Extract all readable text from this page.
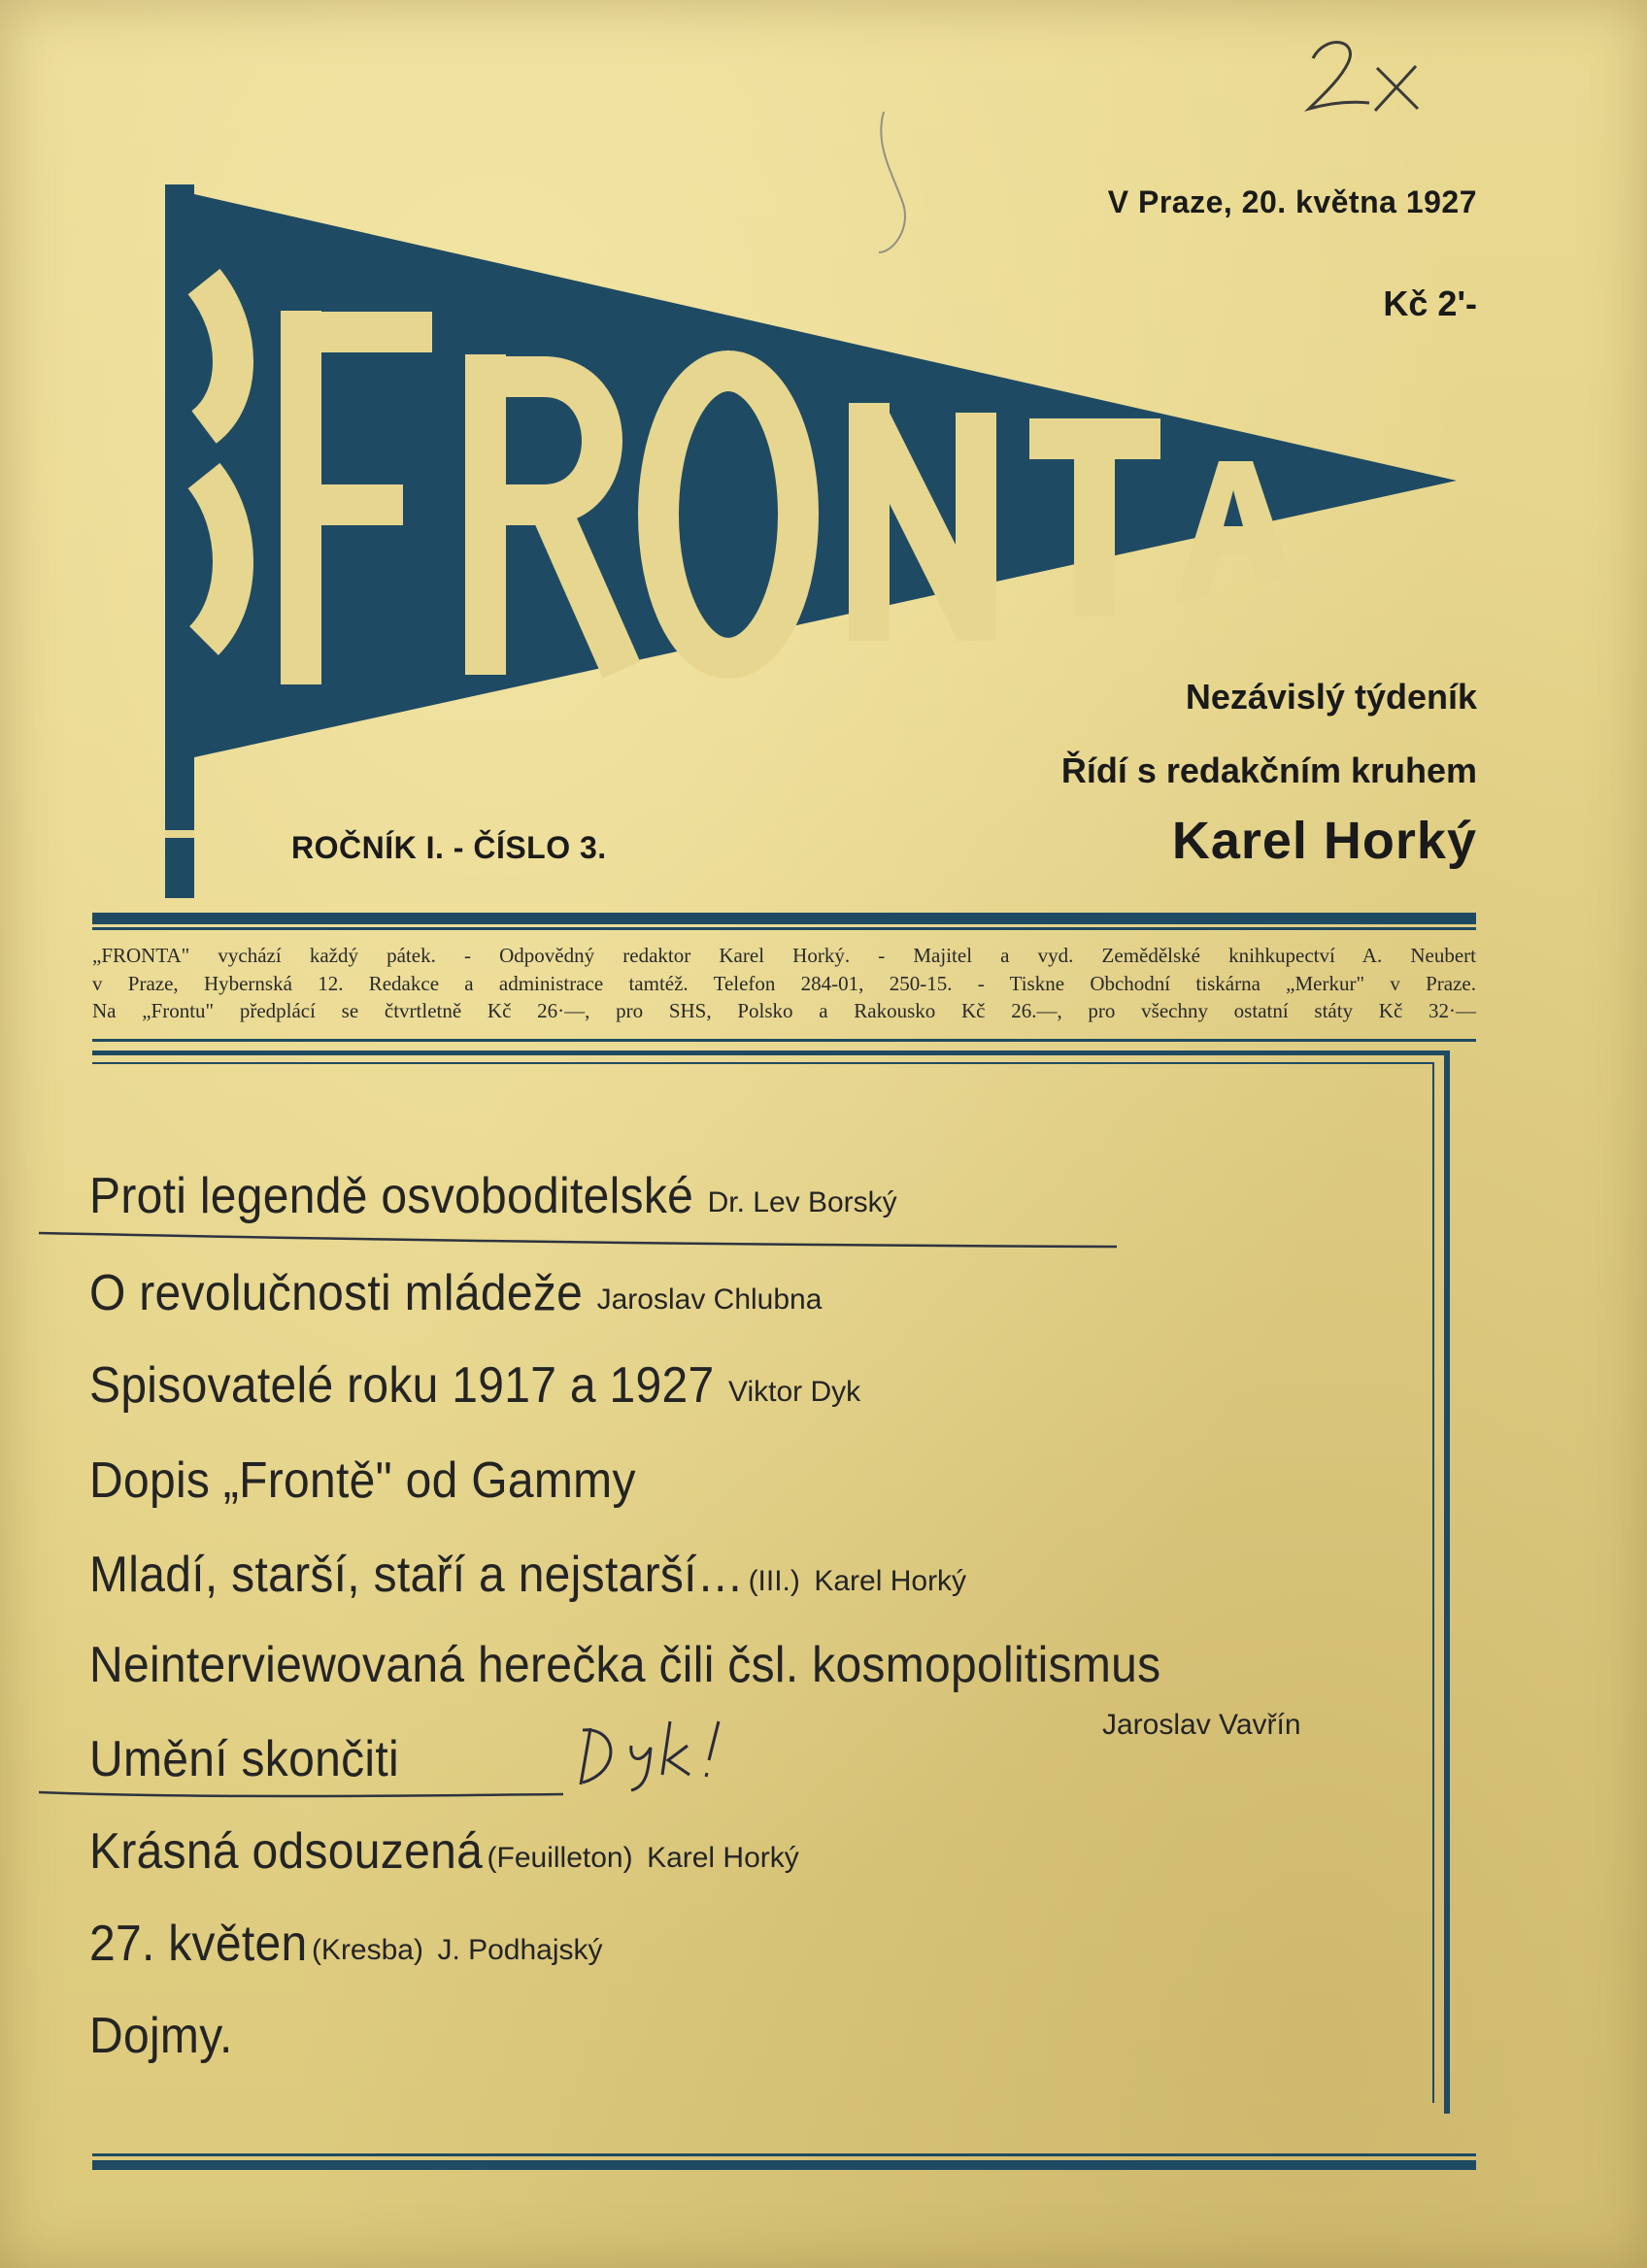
V Praze, 20. května 1927
Kč 2'-
Nezávislý týdeník
Řídí s redakčním kruhem
Karel Horký
ROČNÍK I. - ČÍSLO 3.
„FRONTA" vychází každý pátek. - Odpovědný redaktor Karel Horký. - Majitel a vyd. Zemědělské knihkupectví A. Neubert
v Praze, Hybernská 12. Redakce a administrace tamtéž. Telefon 284-01, 250-15. - Tiskne Obchodní tiskárna „Merkur" v Praze.
Na „Frontu" předplácí se čtvrtletně Kč 26·—, pro SHS, Polsko a Rakousko Kč 26.—, pro všechny ostatní státy Kč 32·—
Proti legendě osvoboditelské Dr. Lev Borský
O revolučnosti mládeže Jaroslav Chlubna
Spisovatelé roku 1917 a 1927 Viktor Dyk
Dopis „Frontě" od Gammy
Mladí, starší, staří a nejstarší… (III.) Karel Horký
Neinterviewovaná herečka čili čsl. kosmopolitismus
Jaroslav Vavřín
Umění skončiti
Krásná odsouzená (Feuilleton) Karel Horký
27. květen (Kresba) J. Podhajský
Dojmy.
